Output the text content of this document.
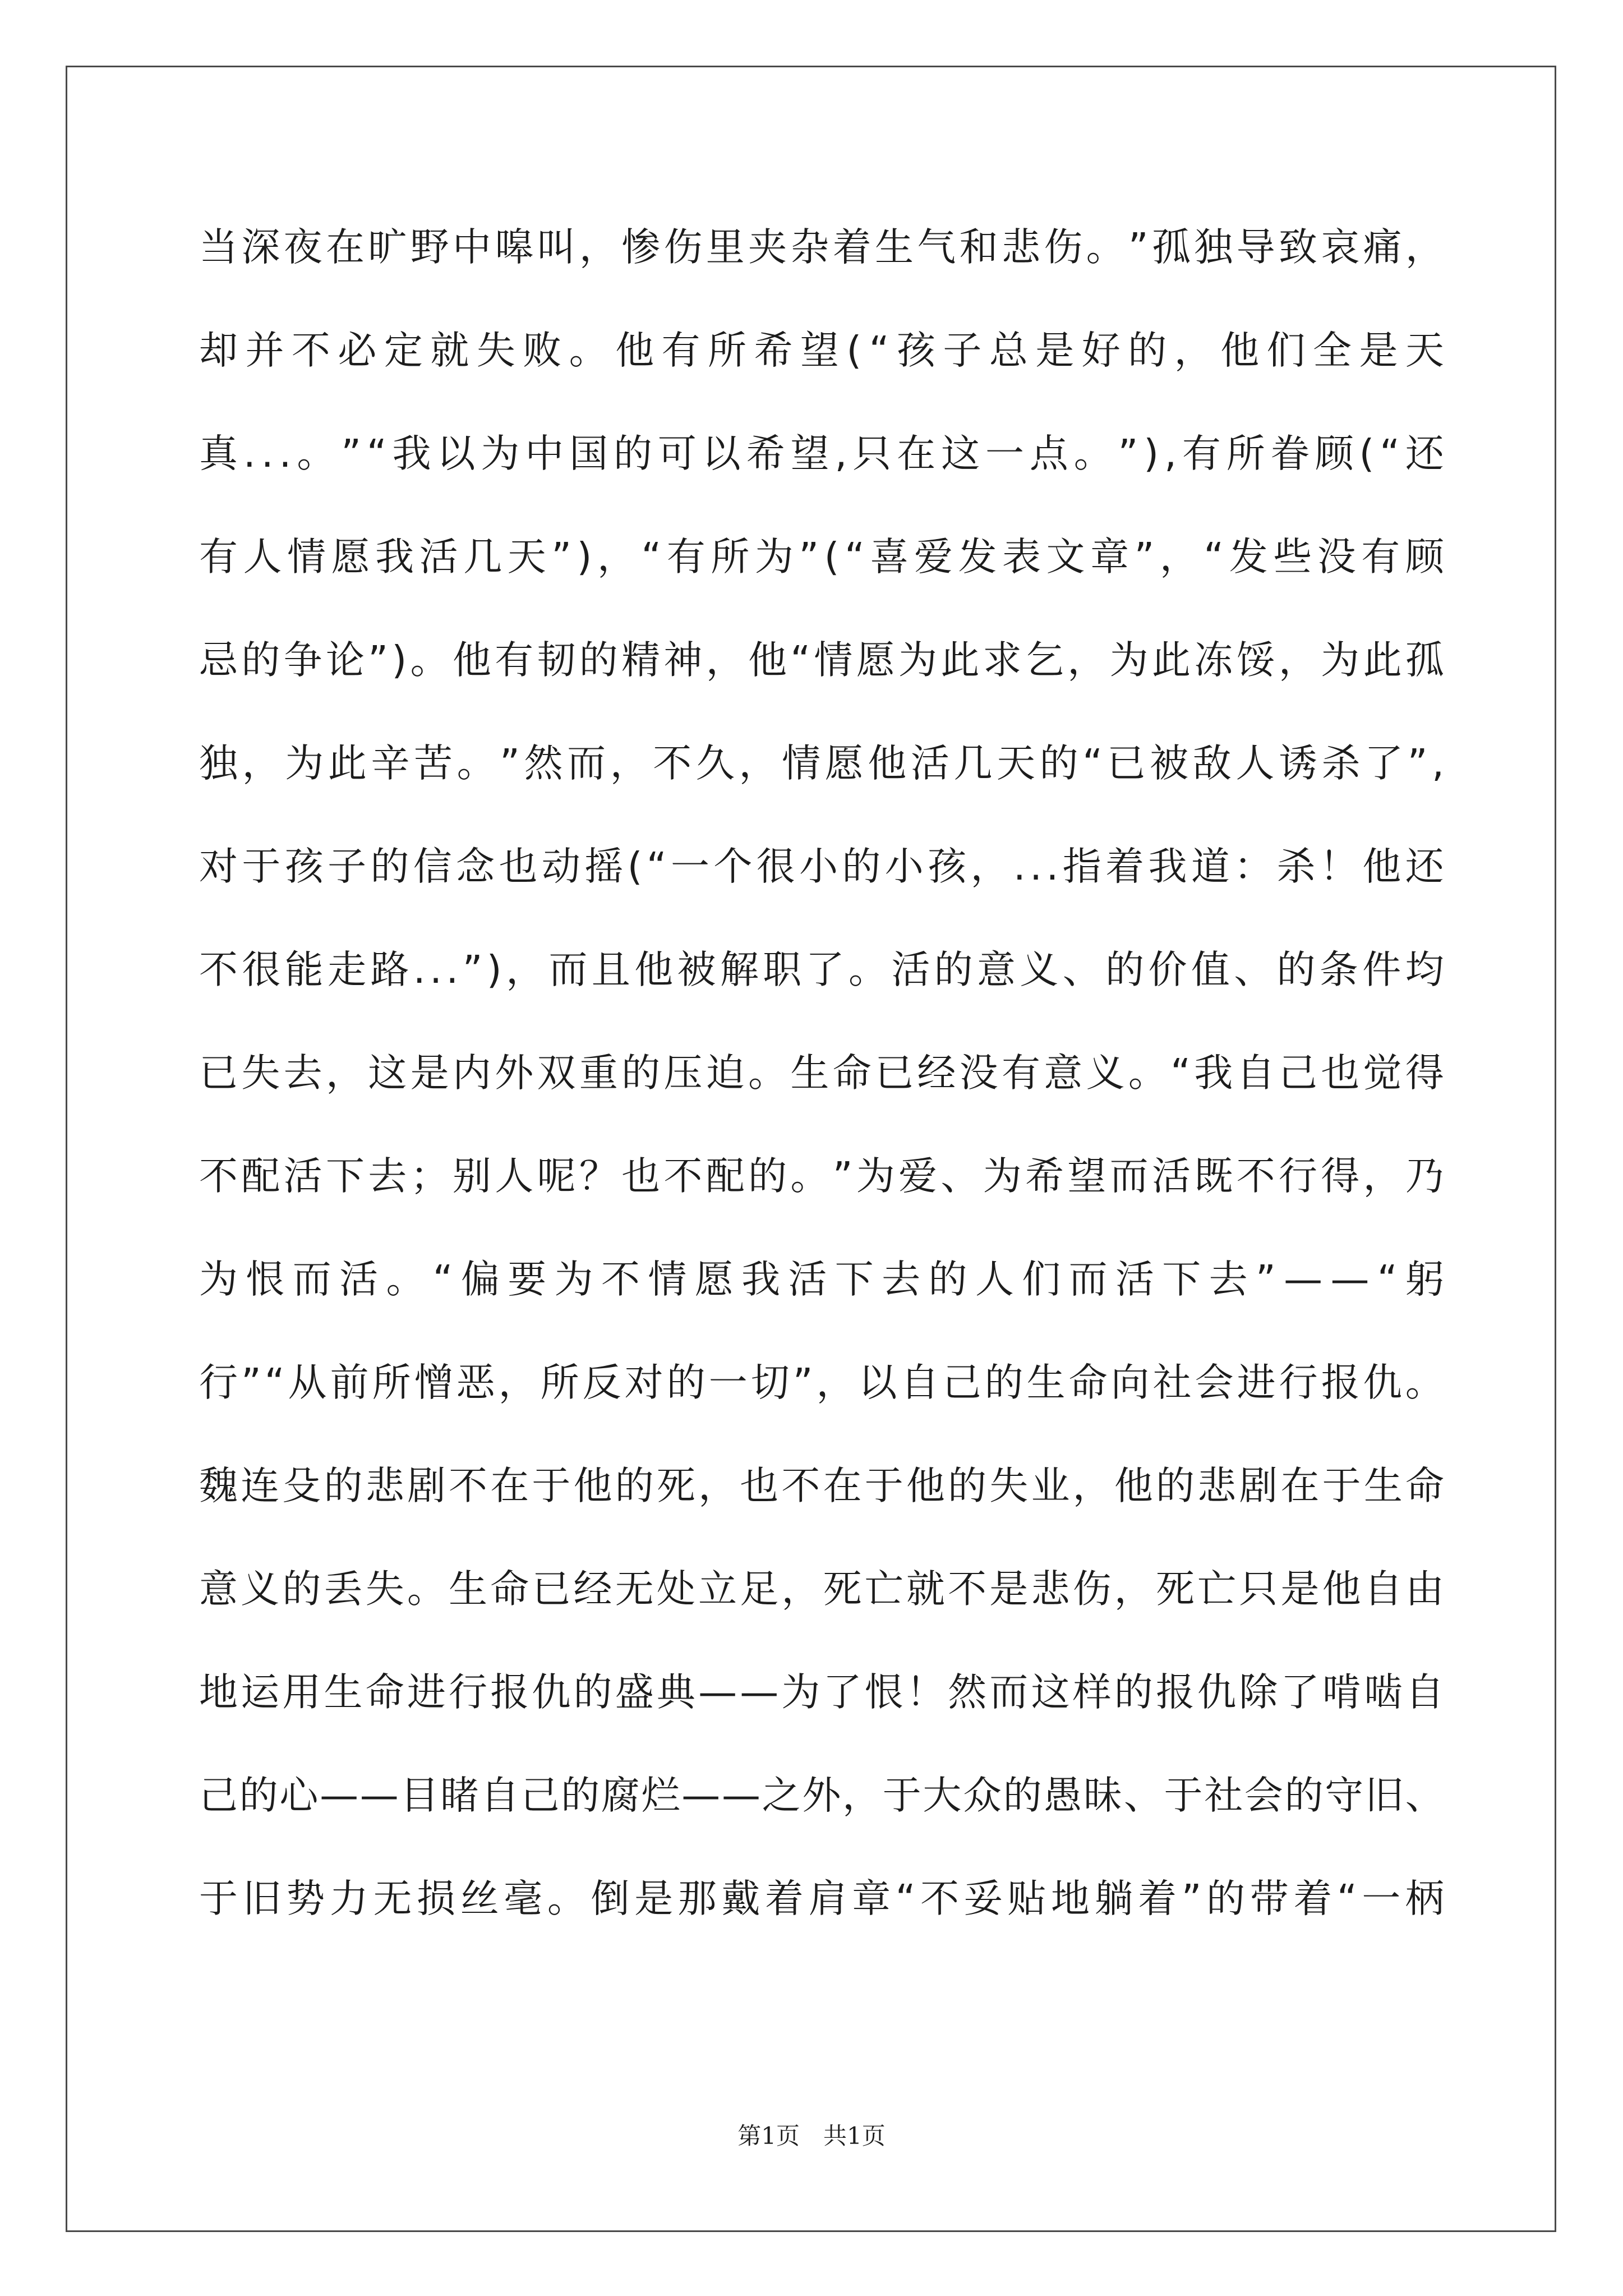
当 深 夜 在 旷 野 中 嗥 叫 ， 惨 伤 里 夹 杂 着 生 气 和 悲 伤 。 ” 孤 独 导 致 哀 痛 ，
却 并 不 必 定 就 失 败 。 他 有 所 希 望 ( “ 孩 子 总 是 好 的 ， 他 们 全 是 天
真 . . . 。 ” “ 我 以 为 中 国 的 可 以 希 望 , 只 在 这 一 点 。 ” ) , 有 所 眷 顾 ( “ 还
有 人 情 愿 我 活 几 天 ” ) ， “ 有 所 为 ” ( “ 喜 爱 发 表 文 章 ” ， “ 发 些 没 有 顾
忌 的 争 论 ” ) 。 他 有 韧 的 精 神 ， 他 “ 情 愿 为 此 求 乞 ， 为 此 冻 馁 ， 为 此 孤
独 ， 为 此 辛 苦 。 ” 然 而 ， 不 久 ， 情 愿 他 活 几 天 的 “ 已 被 敌 人 诱 杀 了 ” ,
对 于 孩 子 的 信 念 也 动 摇 ( “ 一 个 很 小 的 小 孩 ， . . . 指 着 我 道 ： 杀 ！ 他 还
不 很 能 走 路 . . . ” ) ， 而 且 他 被 解 职 了 。 活 的 意 义 、 的 价 值 、 的 条 件 均
已 失 去 ， 这 是 内 外 双 重 的 压 迫 。 生 命 已 经 没 有 意 义 。 “ 我 自 己 也 觉 得
不 配 活 下 去 ； 别 人 呢 ？ 也 不 配 的 。 ” 为 爱 、 为 希 望 而 活 既 不 行 得 ， 乃
为 恨 而 活 。 “ 偏 要 为 不 情 愿 我 活 下 去 的 人 们 而 活 下 去 ” — — “ 躬
行 ” “ 从 前 所 憎 恶 ， 所 反 对 的 一 切 ” ， 以 自 己 的 生 命 向 社 会 进 行 报 仇 。
魏 连 殳 的 悲 剧 不 在 于 他 的 死 ， 也 不 在 于 他 的 失 业 ， 他 的 悲 剧 在 于 生 命
意 义 的 丢 失 。 生 命 已 经 无 处 立 足 ， 死 亡 就 不 是 悲 伤 ， 死 亡 只 是 他 自 由
地 运 用 生 命 进 行 报 仇 的 盛 典 — — 为 了 恨 ！ 然 而 这 样 的 报 仇 除 了 啃 啮 自
己 的 心 — — 目 睹 自 己 的 腐 烂 — — 之 外 ， 于 大 众 的 愚 昧 、 于 社 会 的 守 旧 、
于 旧 势 力 无 损 丝 毫 。 倒 是 那 戴 着 肩 章 “ 不 妥 贴 地 躺 着 ” 的 带 着 “ 一 柄
第1页　共1页
